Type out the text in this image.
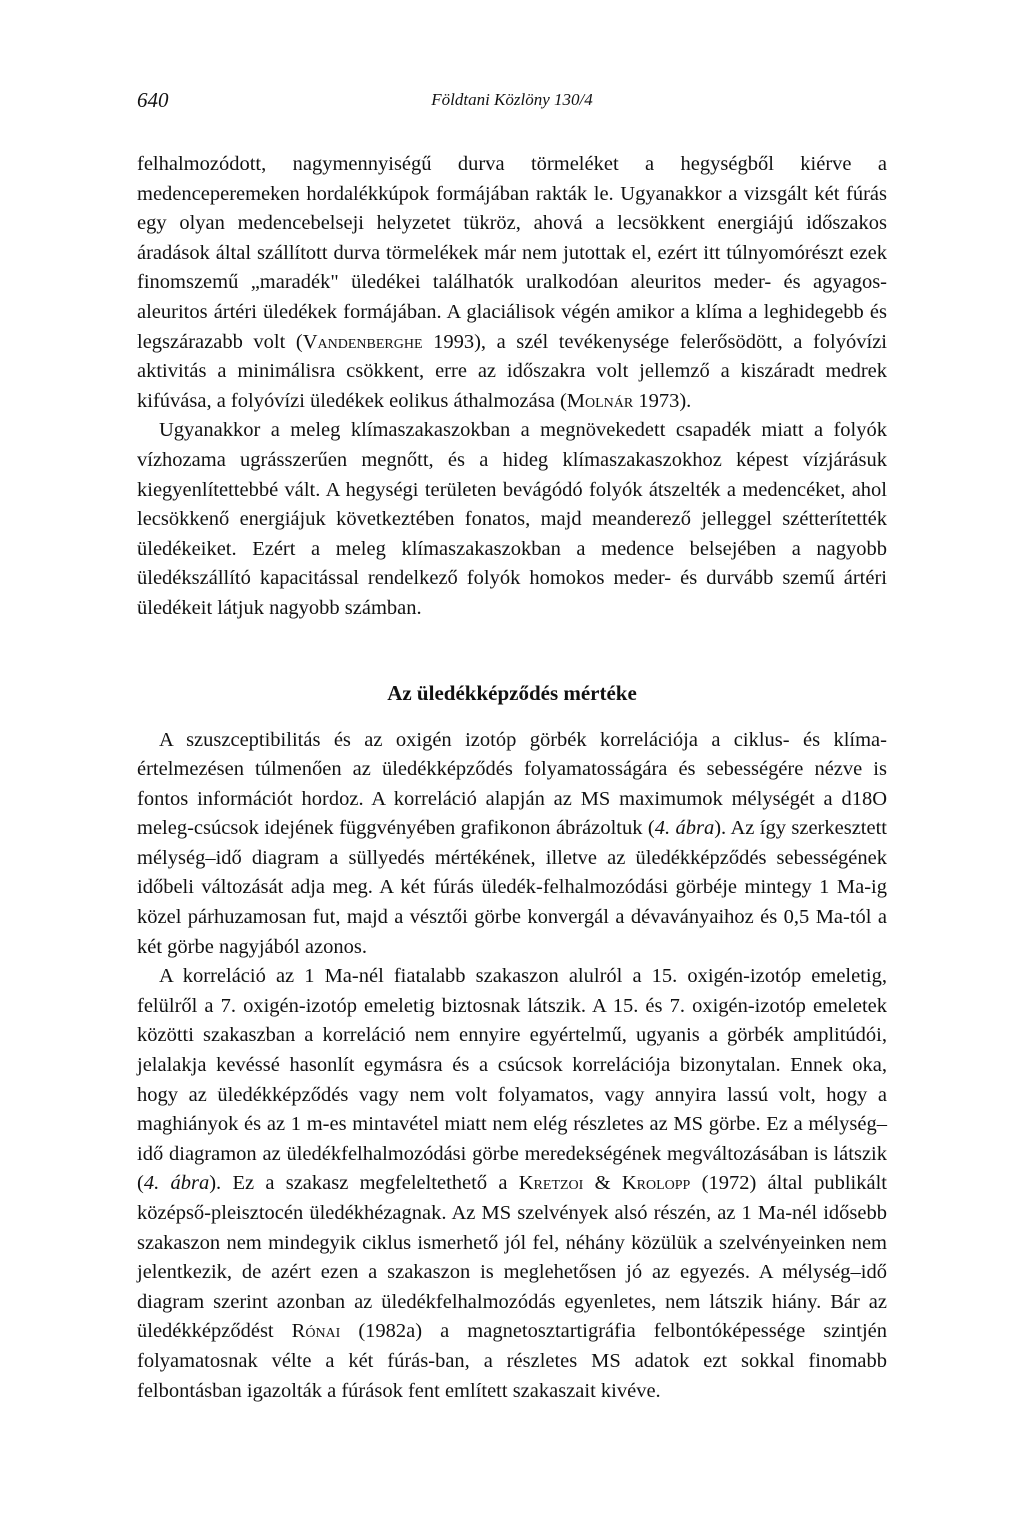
640	Földtani Közlöny 130/4

felhalmozódott, nagymennyiségű durva törmeléket a hegységből kiérve a medenceperemeken hordalékkúpok formájában rakták le. Ugyanakkor a vizsgált két fúrás egy olyan medencebelseji helyzetet tükröz, ahová a lecsökkent energiájú időszakos áradások által szállított durva törmelékek már nem jutottak el, ezért itt túlnyomórészt ezek finomszemű „maradék" üledékei találhatók uralkodóan aleuritos meder- és agyagos-aleuritos ártéri üledékek formájában. A glaciálisok végén amikor a klíma a leghidegebb és legszárazabb volt (Vandenberghe 1993), a szél tevékenysége felerősödött, a folyóvízi aktivitás a minimálisra csökkent, erre az időszakra volt jellemző a kiszáradt medrek kifúvása, a folyóvízi üledékek eolikus áthalmozása (Molnár 1973).

Ugyanakkor a meleg klímaszakaszokban a megnövekedett csapadék miatt a folyók vízhozama ugrásszerűen megnőtt, és a hideg klímaszakaszokhoz képest vízjárásuk kiegyenlítettebbé vált. A hegységi területen bevágódó folyók átszelték a medencéket, ahol lecsökkenő energiájuk következtében fonatos, majd meanderező jelleggel szétterítették üledékeiket. Ezért a meleg klímaszakaszokban a medence belsejében a nagyobb üledékszállító kapacitással rendelkező folyók homokos meder- és durvább szemű ártéri üledékeit látjuk nagyobb számban.

Az üledékképződés mértéke

A szuszceptibilitás és az oxigén izotóp görbék korrelációja a ciklus- és klíma-értelmezésen túlmenően az üledékképződés folyamatosságára és sebességére nézve is fontos információt hordoz. A korreláció alapján az MS maximumok mélységét a d18O meleg-csúcsok idejének függvényében grafikonon ábrázoltuk (4. ábra). Az így szerkesztett mélység–idő diagram a süllyedés mértékének, illetve az üledékképződés sebességének időbeli változását adja meg. A két fúrás üledék-felhalmozódási görbéje mintegy 1 Ma-ig közel párhuzamosan fut, majd a vésztői görbe konvergál a dévaványaihoz és 0,5 Ma-tól a két görbe nagyjából azonos.

A korreláció az 1 Ma-nél fiatalabb szakaszon alulról a 15. oxigén-izotóp emeletig, felülről a 7. oxigén-izotóp emeletig biztosnak látszik. A 15. és 7. oxigén-izotóp emeletek közötti szakaszban a korreláció nem ennyire egyértelmű, ugyanis a görbék amplitúdói, jelalakja kevéssé hasonlít egymásra és a csúcsok korrelációja bizonytalan. Ennek oka, hogy az üledékképződés vagy nem volt folyamatos, vagy annyira lassú volt, hogy a maghiányok és az 1 m-es mintavétel miatt nem elég részletes az MS görbe. Ez a mélység–idő diagramon az üledékfelhalmozódási görbe meredekségének megváltozásában is látszik (4. ábra). Ez a szakasz megfeleltethető a Kretzoi & Krolopp (1972) által publikált középső-pleisztocén üledékhézagnak. Az MS szelvények alsó részén, az 1 Ma-nél idősebb szakaszon nem mindegyik ciklus ismerhető jól fel, néhány közülük a szelvényeinken nem jelentkezik, de azért ezen a szakaszon is meglehetősen jó az egyezés. A mélység–idő diagram szerint azonban az üledékfelhalmozódás egyenletes, nem látszik hiány. Bár az üledékképződést Rónai (1982a) a magnetosztartigráfia felbontóképessége szintjén folyamatosnak vélte a két fúrás-ban, a részletes MS adatok ezt sokkal finomabb felbontásban igazolták a fúrások fent említett szakaszait kivéve.
